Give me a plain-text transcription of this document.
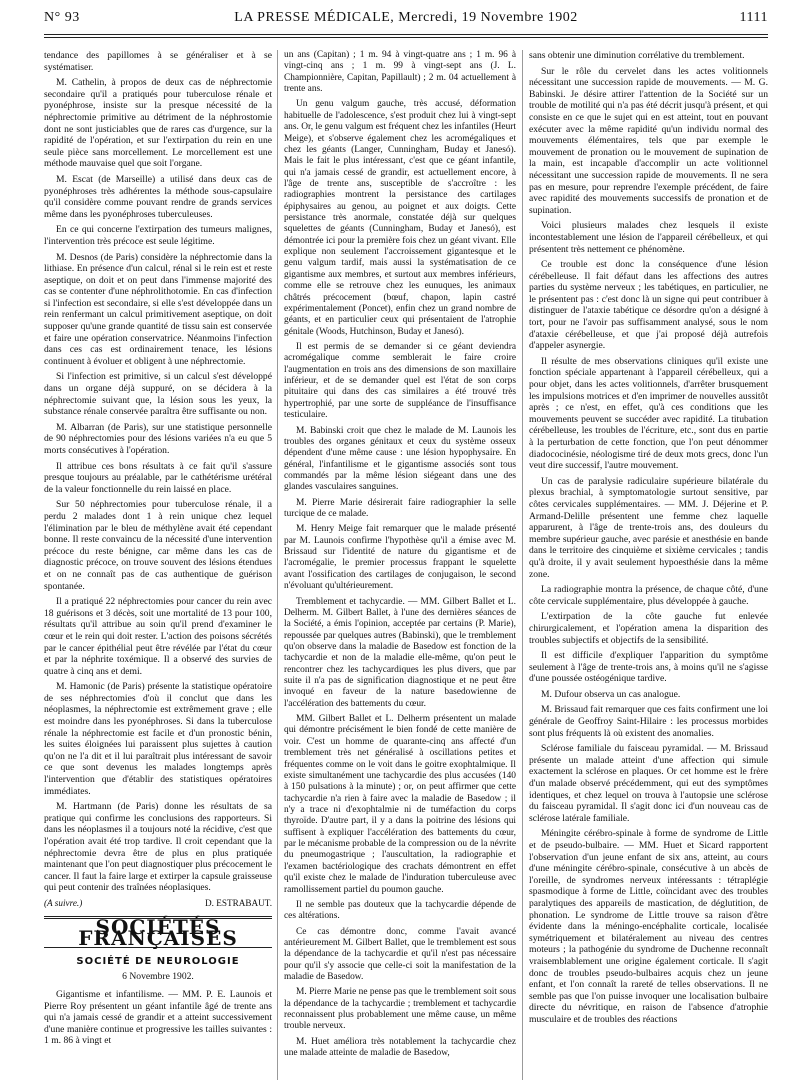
N° 93	LA PRESSE MÉDICALE, Mercredi, 19 Novembre 1902	1111

tendance des papillomes à se généraliser et à se systématiser.

M. Cathelin, à propos de deux cas de néphrectomie secondaire qu'il a pratiqués pour tuberculose rénale et pyonéphrose, insiste sur la presque nécessité de la néphrectomie primitive au détriment de la néphrostomie dont ne sont justiciables que de rares cas d'urgence, sur la rapidité de l'opération, et sur l'extirpation du rein en une seule pièce sans morcellement. Le morcellement est une méthode mauvaise quel que soit l'organe.

M. Escat (de Marseille) a utilisé dans deux cas de pyonéphroses très adhérentes la méthode sous-capsulaire qu'il considère comme pouvant rendre de grands services même dans les pyonéphroses tuberculeuses.

En ce qui concerne l'extirpation des tumeurs malignes, l'intervention très précoce est seule légitime.

M. Desnos (de Paris) considère la néphrectomie dans la lithiase. En présence d'un calcul, rénal si le rein est et reste aseptique, on doit et on peut dans l'immense majorité des cas se contenter d'une néphrolithotomie. En cas d'infection si l'infection est secondaire, si elle s'est développée dans un rein renfermant un calcul primitivement aseptique, on doit supposer qu'une grande quantité de tissu sain est conservée et faire une opération conservatrice. Néanmoins l'infection dans ces cas est ordinairement tenace, les lésions continuent à évoluer et obligent à une néphrectomie.

Si l'infection est primitive, si un calcul s'est développé dans un organe déjà suppuré, on se décidera à la néphrectomie suivant que, la lésion sous les yeux, la substance rénale conservée paraîtra être suffisante ou non.

M. Albarran (de Paris), sur une statistique personnelle de 90 néphrectomies pour des lésions variées n'a eu que 5 morts consécutives à l'opération.

Il attribue ces bons résultats à ce fait qu'il s'assure presque toujours au préalable, par le cathétérisme urétéral de la valeur fonctionnelle du rein laissé en place.

Sur 50 néphrectomies pour tuberculose rénale, il a perdu 2 malades dont 1 à rein unique chez lequel l'élimination par le bleu de méthylène avait été cependant bonne. Il reste convaincu de la nécessité d'une intervention précoce du reste bénigne, car même dans les cas de diagnostic précoce, on trouve souvent des lésions étendues et on ne connaît pas de cas authentique de guérison spontanée.

Il a pratiqué 22 néphrectomies pour cancer du rein avec 18 guérisons et 3 décès, soit une mortalité de 13 pour 100, résultats qu'il attribue au soin qu'il prend d'examiner le cœur et le rein qui doit rester. L'action des poisons sécrétés par le cancer épithélial peut être révélée par l'état du cœur et par la néphrite toxémique. Il a observé des survies de quatre à cinq ans et demi.

M. Hamonic (de Paris) présente la statistique opératoire de ses néphrectomies d'où il conclut que dans les néoplasmes, la néphrectomie est extrêmement grave ; elle est moindre dans les pyonéphroses. Si dans la tuberculose rénale la néphrectomie est facile et d'un pronostic bénin, les suites éloignées lui paraissent plus sujettes à caution qu'on ne l'a dit et il lui paraîtrait plus intéressant de savoir ce que sont devenus les malades longtemps après l'intervention que d'établir des statistiques opératoires immédiates.

M. Hartmann (de Paris) donne les résultats de sa pratique qui confirme les conclusions des rapporteurs. Si dans les néoplasmes il a toujours noté la récidive, c'est que l'opération avait été trop tardive. Il croit cependant que la néphrectomie devra être de plus en plus pratiquée maintenant que l'on peut diagnostiquer plus précocement le cancer. Il faut la faire large et extirper la capsule graisseuse qui peut contenir des traînées néoplasiques.

(A suivre.)	D. ESTRABAUT.
SOCIÉTÉS FRANÇAISES
SOCIÉTÉ DE NEUROLOGIE
6 Novembre 1902.

Gigantisme et infantilisme. — MM. P. E. Launois et Pierre Roy présentent un géant infantile âgé de trente ans qui n'a jamais cessé de grandir et a atteint successivement d'une manière continue et progressive les tailles suivantes : 1 m. 86 à vingt et

un ans (Capitan) ; 1 m. 94 à vingt-quatre ans ; 1 m. 96 à vingt-cinq ans ; 1 m. 99 à vingt-sept ans (J. L. Championnière, Capitan, Papillault) ; 2 m. 04 actuellement à trente ans.

Un genu valgum gauche, très accusé, déformation habituelle de l'adolescence, s'est produit chez lui à vingt-sept ans. Or, le genu valgum est fréquent chez les infantiles (Heurt Meige), et s'observe également chez les acromégaliques et chez les géants (Langer, Cunningham, Buday et Janesó). Mais le fait le plus intéressant, c'est que ce géant infantile, qui n'a jamais cessé de grandir, est actuellement encore, à l'âge de trente ans, susceptible de s'accroître : les radiographies montrent la persistance des cartilages épiphysaires au genou, au poignet et aux doigts. Cette persistance très anormale, constatée déjà sur quelques squelettes de géants (Cunningham, Buday et Janesó), est démontrée ici pour la première fois chez un géant vivant. Elle explique non seulement l'accroissement gigantesque et le genu valgum tardif, mais aussi la systématisation de ce gigantisme aux membres, et surtout aux membres inférieurs, comme elle se retrouve chez les eunuques, les animaux châtrés précocement (bœuf, chapon, lapin castré expérimentalement (Poncet), enfin chez un grand nombre de géants, et en particulier ceux qui présentaient de l'atrophie génitale (Woods, Hutchinson, Buday et Janesó).

Il est permis de se demander si ce géant deviendra acromégalique comme semblerait le faire croire l'augmentation en trois ans des dimensions de son maxillaire inférieur, et de se demander quel est l'état de son corps pituitaire qui dans des cas similaires a été trouvé très hypertrophié, par une sorte de suppléance de l'insuffisance testiculaire.

M. Babinski croit que chez le malade de M. Launois les troubles des organes génitaux et ceux du système osseux dépendent d'une même cause : une lésion hypophysaire. En général, l'infantilisme et le gigantisme associés sont tous commandés par la même lésion siégeant dans une des glandes vasculaires sanguines.

M. Pierre Marie désirerait faire radiographier la selle turcique de ce malade.

M. Henry Meige fait remarquer que le malade présenté par M. Launois confirme l'hypothèse qu'il a émise avec M. Brissaud sur l'identité de nature du gigantisme et de l'acromégalie, le premier processus frappant le squelette avant l'ossification des cartilages de conjugaison, le second n'évoluant qu'ultérieurement.

Tremblement et tachycardie. — MM. Gilbert Ballet et L. Delherm. M. Gilbert Ballet, à l'une des dernières séances de la Société, a émis l'opinion, acceptée par certains (P. Marie), repoussée par quelques autres (Babinski), que le tremblement qu'on observe dans la maladie de Basedow est fonction de la tachycardie et non de la maladie elle-même, qu'on peut le rencontrer chez les tachycardiques les plus divers, que par suite il n'a pas de signification diagnostique et ne peut être invoqué en faveur de la nature basedowienne de l'accélération des battements du cœur.

MM. Gilbert Ballet et L. Delherm présentent un malade qui démontre précisément le bien fondé de cette manière de voir. C'est un homme de quarante-cinq ans affecté d'un tremblement très net généralisé à oscillations petites et fréquentes comme on le voit dans le goitre exophtalmique. Il existe simultanément une tachycardie des plus accusées (140 à 150 pulsations à la minute) ; or, on peut affirmer que cette tachycardie n'a rien à faire avec la maladie de Basedow ; il n'y a trace ni d'exophtalmie ni de tuméfaction du corps thyroïde. D'autre part, il y a dans la poitrine des lésions qui suffisent à expliquer l'accélération des battements du cœur, par le mécanisme probable de la compression ou de la névrite du pneumogastrique ; l'auscultation, la radiographie et l'examen bactériologique des crachats démontrent en effet qu'il existe chez le malade de l'induration tuberculeuse avec ramollissement partiel du poumon gauche.

Il ne semble pas douteux que la tachycardie dépende de ces altérations.

Ce cas démontre donc, comme l'avait avancé antérieurement M. Gilbert Ballet, que le tremblement est sous la dépendance de la tachycardie et qu'il n'est pas nécessaire pour qu'il s'y associe que celle-ci soit la manifestation de la maladie de Basedow.

M. Pierre Marie ne pense pas que le tremblement soit sous la dépendance de la tachycardie ; tremblement et tachycardie reconnaissent plus probablement une même cause, un même trouble nerveux.

M. Huet améliora très notablement la tachycardie chez une malade atteinte de maladie de Basedow,

sans obtenir une diminution corrélative du tremblement.

Sur le rôle du cervelet dans les actes volitionnels nécessitant une succession rapide de mouvements. — M. G. Babinski. Je désire attirer l'attention de la Société sur un trouble de motilité qui n'a pas été décrit jusqu'à présent, et qui consiste en ce que le sujet qui en est atteint, tout en pouvant exécuter avec la même rapidité qu'un individu normal des mouvements élémentaires, tels que par exemple le mouvement de pronation ou le mouvement de supination de la main, est incapable d'accomplir un acte volitionnel nécessitant une succession rapide de mouvements. Il ne sera pas en mesure, pour reprendre l'exemple précédent, de faire avec rapidité des mouvements successifs de pronation et de supination.

Voici plusieurs malades chez lesquels il existe incontestablement une lésion de l'appareil cérébelleux, et qui présentent très nettement ce phénomène.

Ce trouble est donc la conséquence d'une lésion cérébelleuse. Il fait défaut dans les affections des autres parties du système nerveux ; les tabétiques, en particulier, ne le présentent pas : c'est donc là un signe qui peut contribuer à distinguer de l'ataxie tabétique ce désordre qu'on a désigné à tort, pour ne l'avoir pas suffisamment analysé, sous le nom d'ataxie cérébelleuse, et que j'ai proposé déjà autrefois d'appeler asynergie.

Il résulte de mes observations cliniques qu'il existe une fonction spéciale appartenant à l'appareil cérébelleux, qui a pour objet, dans les actes volitionnels, d'arrêter brusquement les impulsions motrices et d'en imprimer de nouvelles aussitôt après ; ce n'est, en effet, qu'à ces conditions que les mouvements peuvent se succéder avec rapidité. La titubation cérébelleuse, les troubles de l'écriture, etc., sont dus en partie à la perturbation de cette fonction, que l'on peut dénommer diadococinésie, néologisme tiré de deux mots grecs, donc l'un veut dire successif, l'autre mouvement.

Un cas de paralysie radiculaire supérieure bilatérale du plexus brachial, à symptomatologie surtout sensitive, par côtes cervicales supplémentaires. — MM. J. Déjerine et P. Armand-Delille présentent une femme chez laquelle apparurent, à l'âge de trente-trois ans, des douleurs du membre supérieur gauche, avec parésie et anesthésie en bande dans le territoire des cinquième et sixième cervicales ; tandis qu'à droite, il y avait seulement hypoesthésie dans la même zone.

La radiographie montra la présence, de chaque côté, d'une côte cervicale supplémentaire, plus développée à gauche.

L'extirpation de la côte gauche fut enlevée chirurgicalement, et l'opération amena la disparition des troubles subjectifs et objectifs de la sensibilité.

Il est difficile d'expliquer l'apparition du symptôme seulement à l'âge de trente-trois ans, à moins qu'il ne s'agisse d'une poussée ostéogénique tardive.

M. Dufour observa un cas analogue.

M. Brissaud fait remarquer que ces faits confirment une loi générale de Geoffroy Saint-Hilaire : les processus morbides sont plus fréquents là où existent des anomalies.

Sclérose familiale du faisceau pyramidal. — M. Brissaud présente un malade atteint d'une affection qui simule exactement la sclérose en plaques. Or cet homme est le frère d'un malade observé précédemment, qui eut des symptômes identiques, et chez lequel on trouva à l'autopsie une sclérose du faisceau pyramidal. Il s'agit donc ici d'un nouveau cas de sclérose latérale familiale.

Méningite cérébro-spinale à forme de syndrome de Little et de pseudo-bulbaire. — MM. Huet et Sicard rapportent l'observation d'un jeune enfant de six ans, atteint, au cours d'une méningite cérébro-spinale, consécutive à un abcès de l'oreille, de syndromes nerveux intéressants : tétraplégie spasmodique à forme de Little, coïncidant avec des troubles paralytiques des appareils de mastication, de déglutition, de phonation. Le syndrome de Little trouve sa raison d'être évidente dans la méningo-encéphalite corticale, localisée symétriquement et bilatéralement au niveau des centres moteurs ; la pathogénie du syndrome de Duchenne reconnaît vraisemblablement une origine également corticale. Il s'agit donc de troubles pseudo-bulbaires acquis chez un jeune enfant, et l'on connaît la rareté de telles observations. Il ne semble pas que l'on puisse invoquer une localisation bulbaire directe du névritique, en raison de l'absence d'atrophie musculaire et de troubles des réactions
